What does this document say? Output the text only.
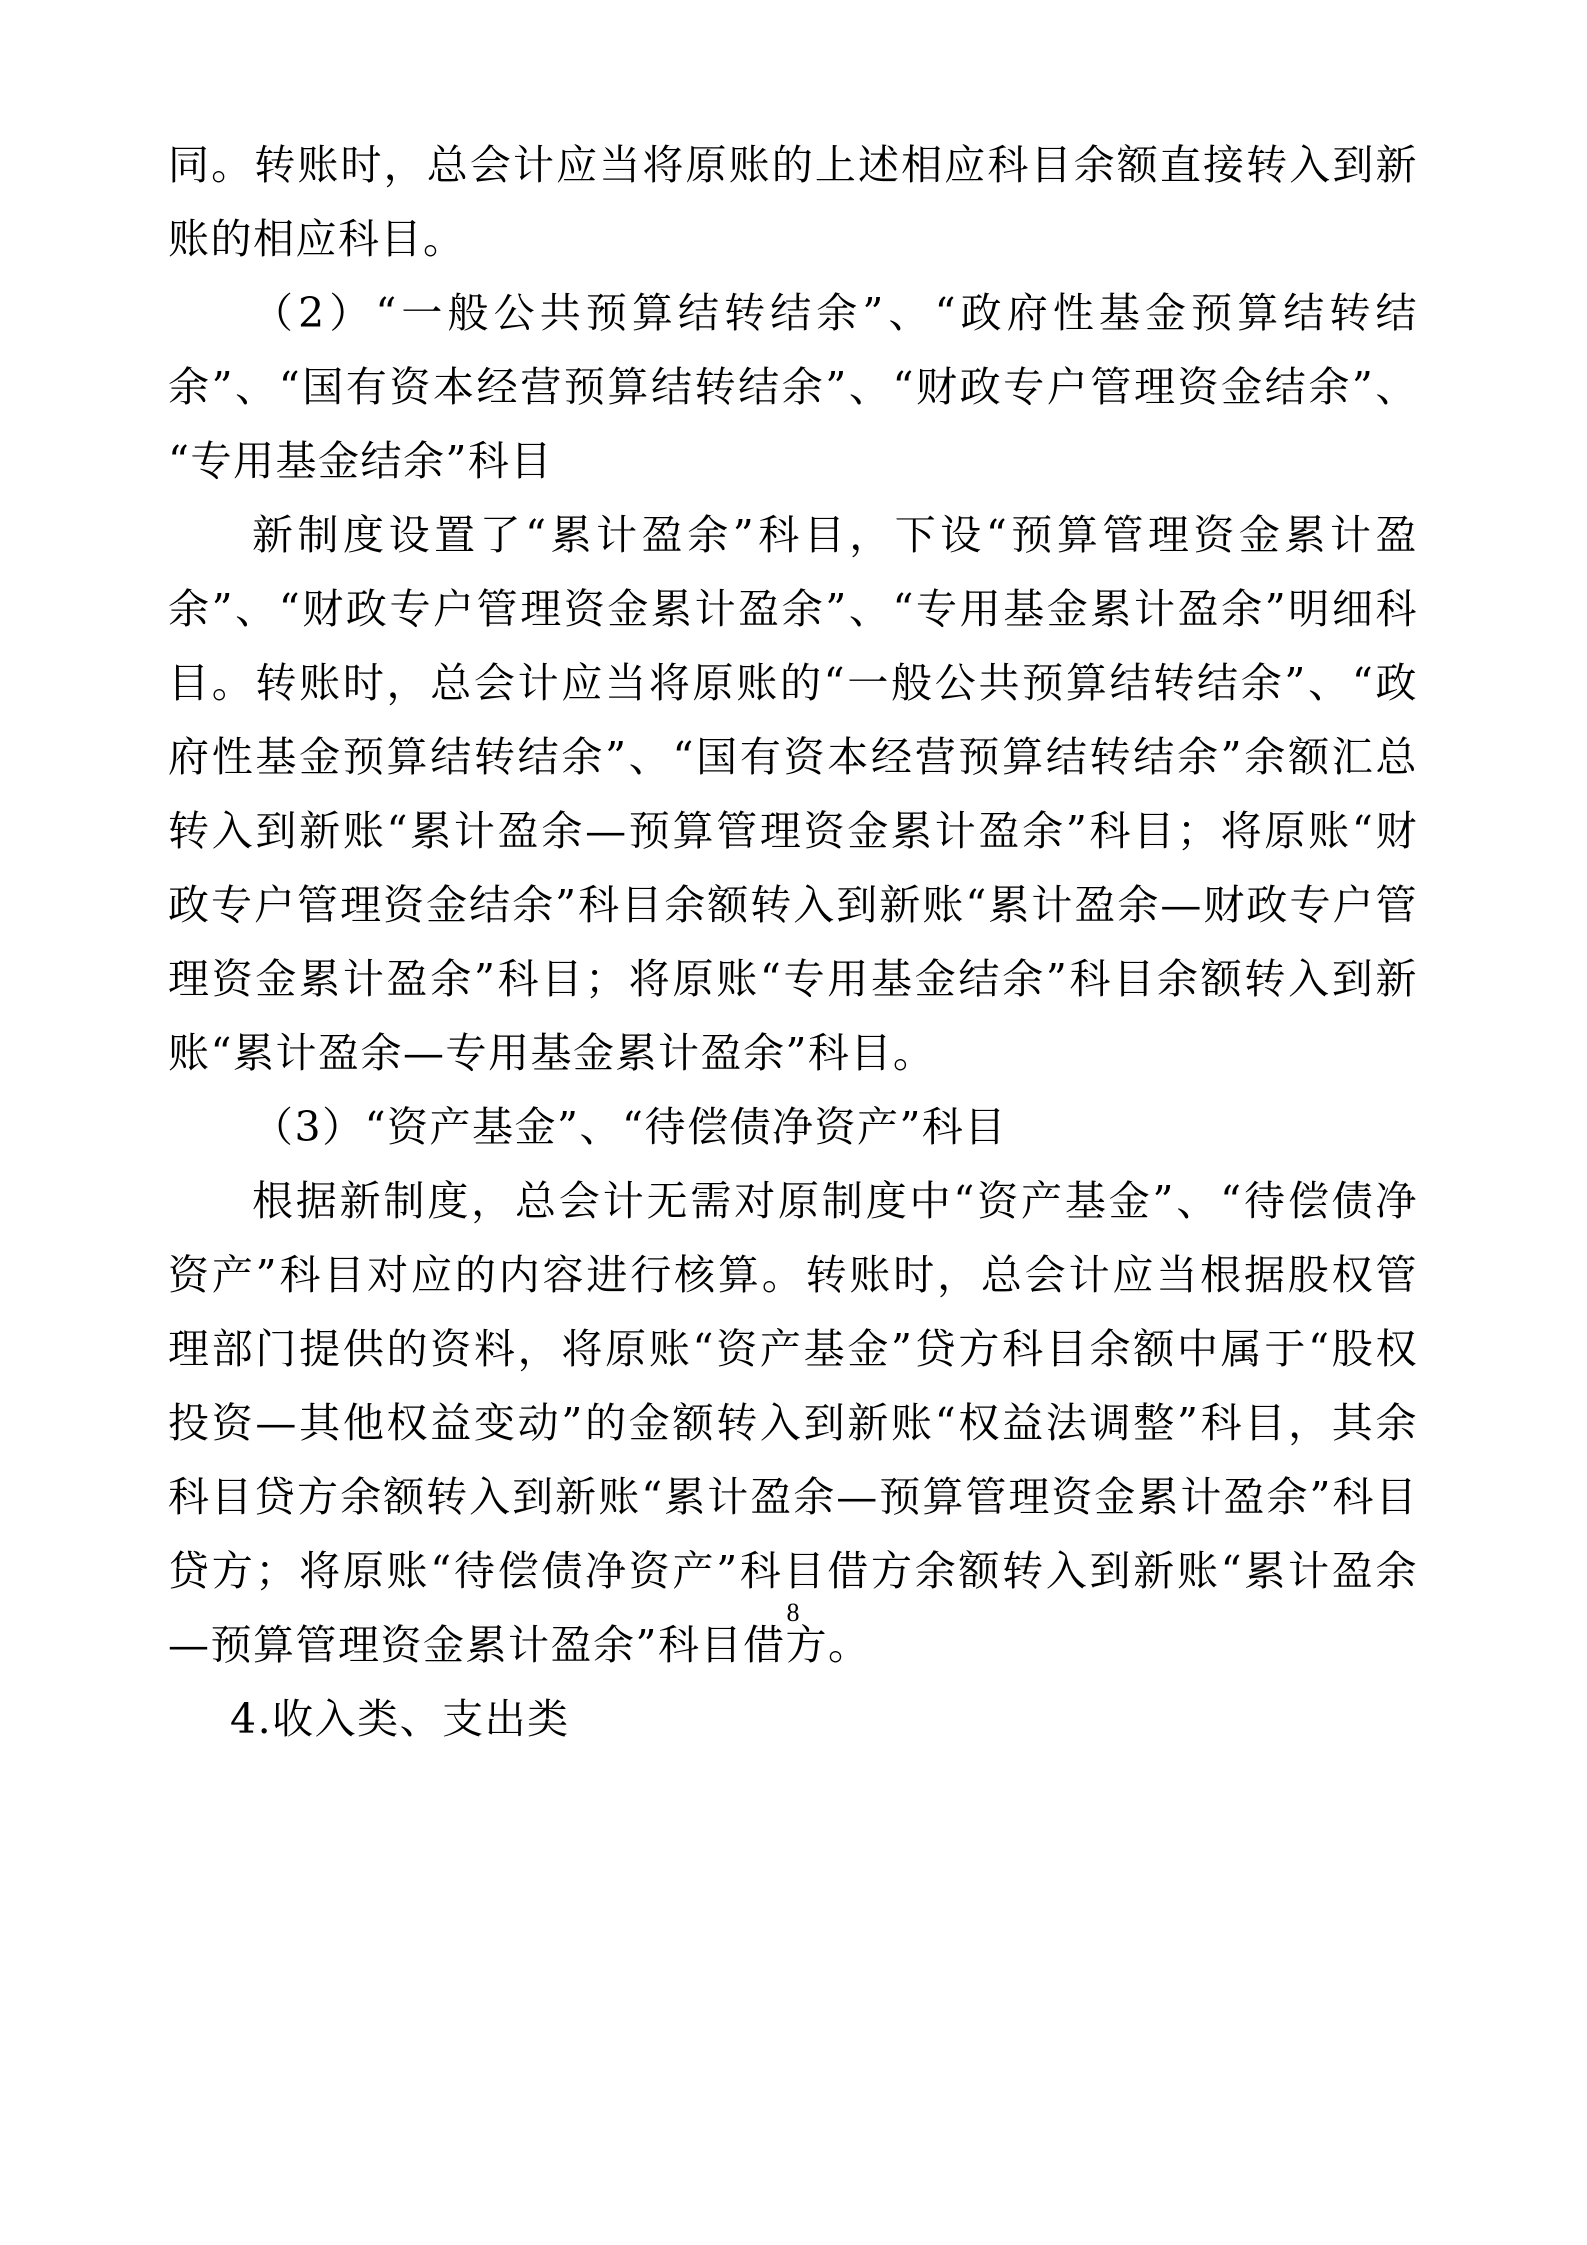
同。转账时，总会计应当将原账的上述相应科目余额直接转入到新账的相应科目。

（2）“一般公共预算结转结余”、“政府性基金预算结转结余”、“国有资本经营预算结转结余”、“财政专户管理资金结余”、“专用基金结余”科目

新制度设置了“累计盈余”科目，下设“预算管理资金累计盈余”、“财政专户管理资金累计盈余”、“专用基金累计盈余”明细科目。转账时，总会计应当将原账的“一般公共预算结转结余”、“政府性基金预算结转结余”、“国有资本经营预算结转结余”余额汇总转入到新账“累计盈余—预算管理资金累计盈余”科目；将原账“财政专户管理资金结余”科目余额转入到新账“累计盈余—财政专户管理资金累计盈余”科目；将原账“专用基金结余”科目余额转入到新账“累计盈余—专用基金累计盈余”科目。

（3）“资产基金”、“待偿债净资产”科目

根据新制度，总会计无需对原制度中“资产基金”、“待偿债净资产”科目对应的内容进行核算。转账时，总会计应当根据股权管理部门提供的资料，将原账“资产基金”贷方科目余额中属于“股权投资—其他权益变动”的金额转入到新账“权益法调整”科目，其余科目贷方余额转入到新账“累计盈余—预算管理资金累计盈余”科目贷方；将原账“待偿债净资产”科目借方余额转入到新账“累计盈余—预算管理资金累计盈余”科目借方。

4.收入类、支出类

8
